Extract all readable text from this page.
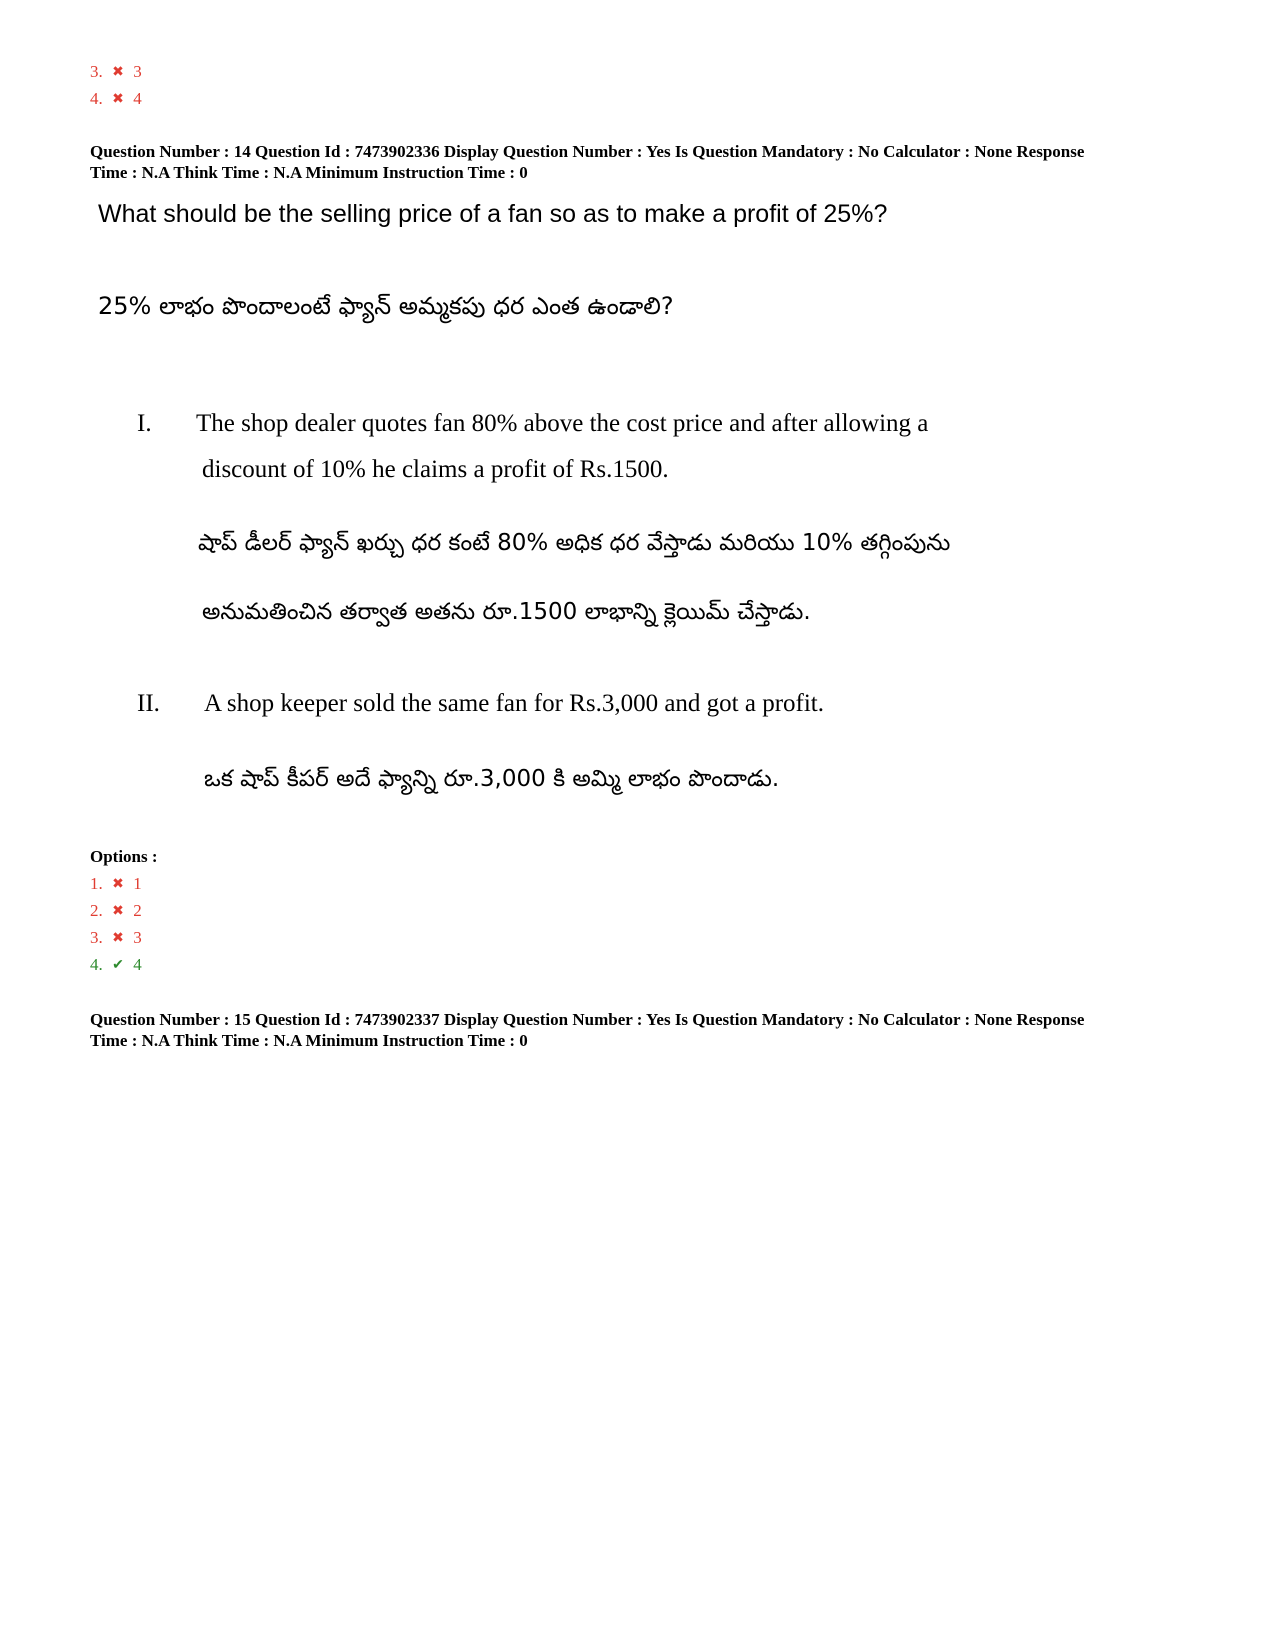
3. ✖ 3
4. ✖ 4
Question Number : 14 Question Id : 7473902336 Display Question Number : Yes Is Question Mandatory : No Calculator : None Response
Time : N.A Think Time : N.A Minimum Instruction Time : 0
What should be the selling price of a fan so as to make a profit of 25%?
25% లాభం పొందాలంటే ఫ్యాన్ అమ్మకపు ధర ఎంత ఉండాలి?
I. The shop dealer quotes fan 80% above the cost price and after allowing a
discount of 10% he claims a profit of Rs.1500.
షాప్ డీలర్ ఫ్యాన్ ఖర్చు ధర కంటే 80% అధిక ధర వేస్తాడు మరియు 10% తగ్గింపును
అనుమతించిన తర్వాత అతను రూ.1500 లాభాన్ని క్లెయిమ్ చేస్తాడు.
II. A shop keeper sold the same fan for Rs.3,000 and got a profit.
ఒక షాప్ కీపర్ అదే ఫ్యాన్ని రూ.3,000 కి అమ్మి లాభం పొందాడు.
Options :
1. ✖ 1
2. ✖ 2
3. ✖ 3
4. ✔ 4
Question Number : 15 Question Id : 7473902337 Display Question Number : Yes Is Question Mandatory : No Calculator : None Response
Time : N.A Think Time : N.A Minimum Instruction Time : 0
